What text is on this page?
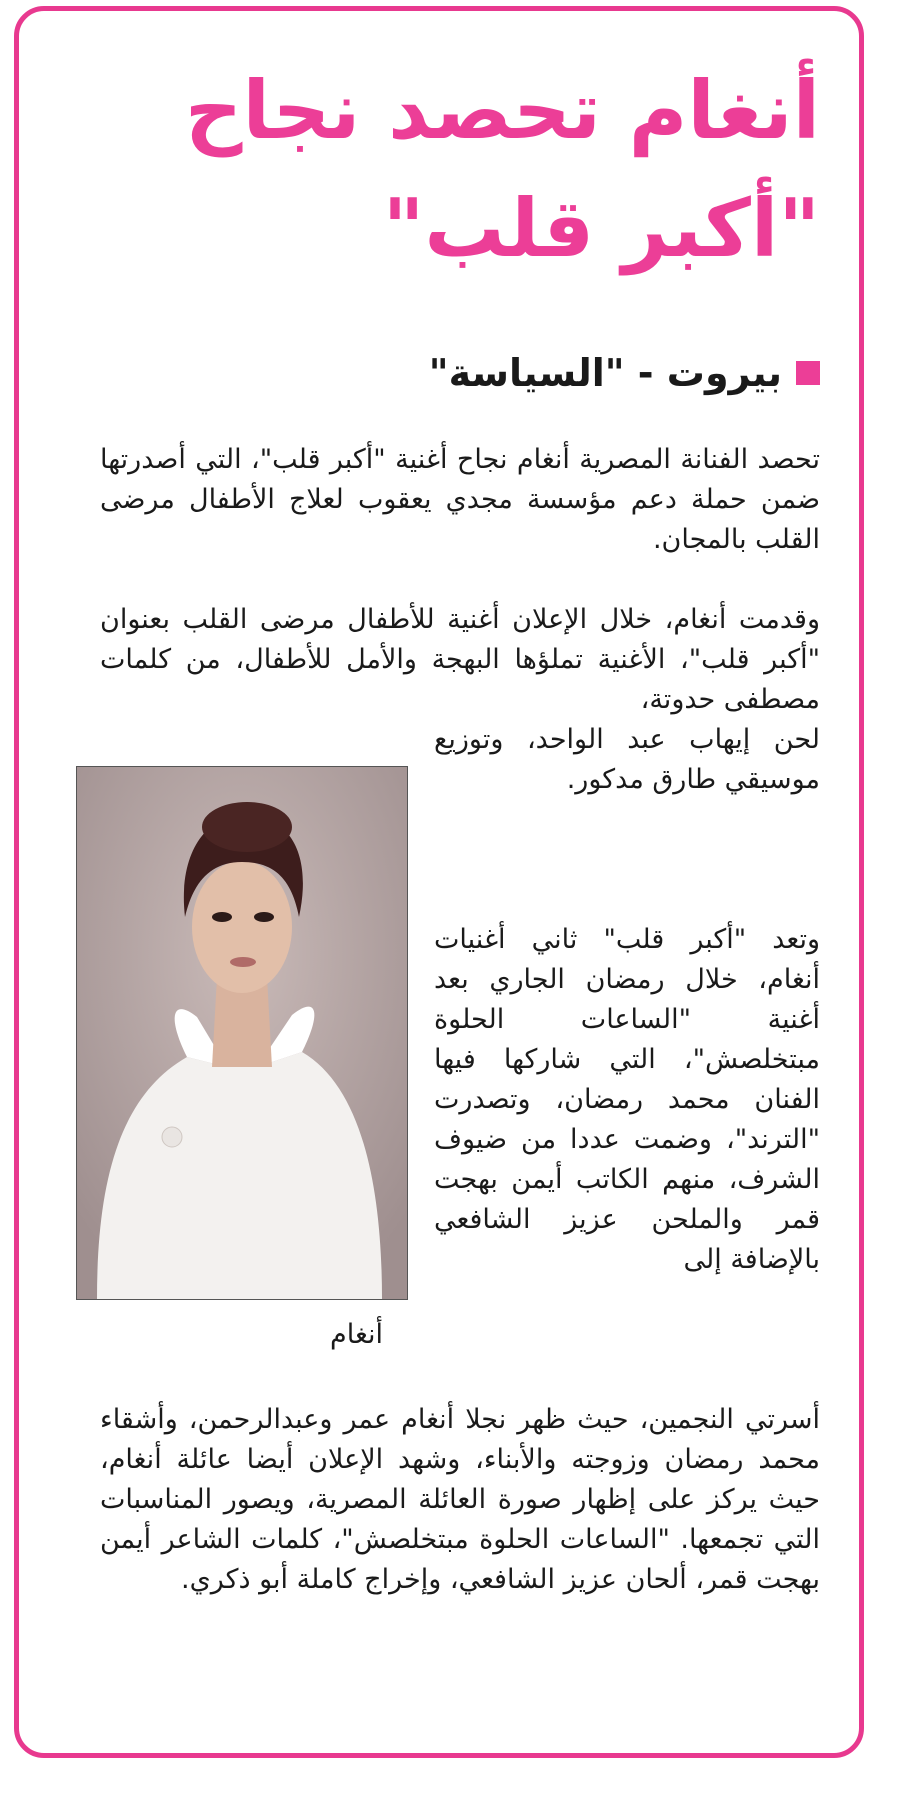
أنغام تحصد نجاح "أكبر قلب"
بيروت - "السياسة"

تحصد الفنانة المصرية أنغام نجاح أغنية "أكبر قلب"، التي أصدرتها ضمن حملة دعم مؤسسة مجدي يعقوب لعلاج الأطفال مرضى القلب بالمجان.

وقدمت أنغام، خلال الإعلان أغنية للأطفال مرضى القلب بعنوان "أكبر قلب"، الأغنية تملؤها البهجة والأمل للأطفال، من كلمات مصطفى حدوتة،

لحن إيهاب عبد الواحد، وتوزيع موسيقي طارق مدكور.

وتعد "أكبر قلب" ثاني أغنيات أنغام، خلال رمضان الجاري بعد أغنية "الساعات الحلوة مبتخلصش"، التي شاركها فيها الفنان محمد رمضان، وتصدرت "الترند"، وضمت عددا من ضيوف الشرف، منهم الكاتب أيمن بهجت قمر والملحن عزيز الشافعي بالإضافة إلى

أسرتي النجمين، حيث ظهر نجلا أنغام عمر وعبدالرحمن، وأشقاء محمد رمضان وزوجته والأبناء، وشهد الإعلان أيضا عائلة أنغام، حيث يركز على إظهار صورة العائلة المصرية، ويصور المناسبات التي تجمعها. "الساعات الحلوة مبتخلصش"، كلمات الشاعر أيمن بهجت قمر، ألحان عزيز الشافعي، وإخراج كاملة أبو ذكري.

أنغام
